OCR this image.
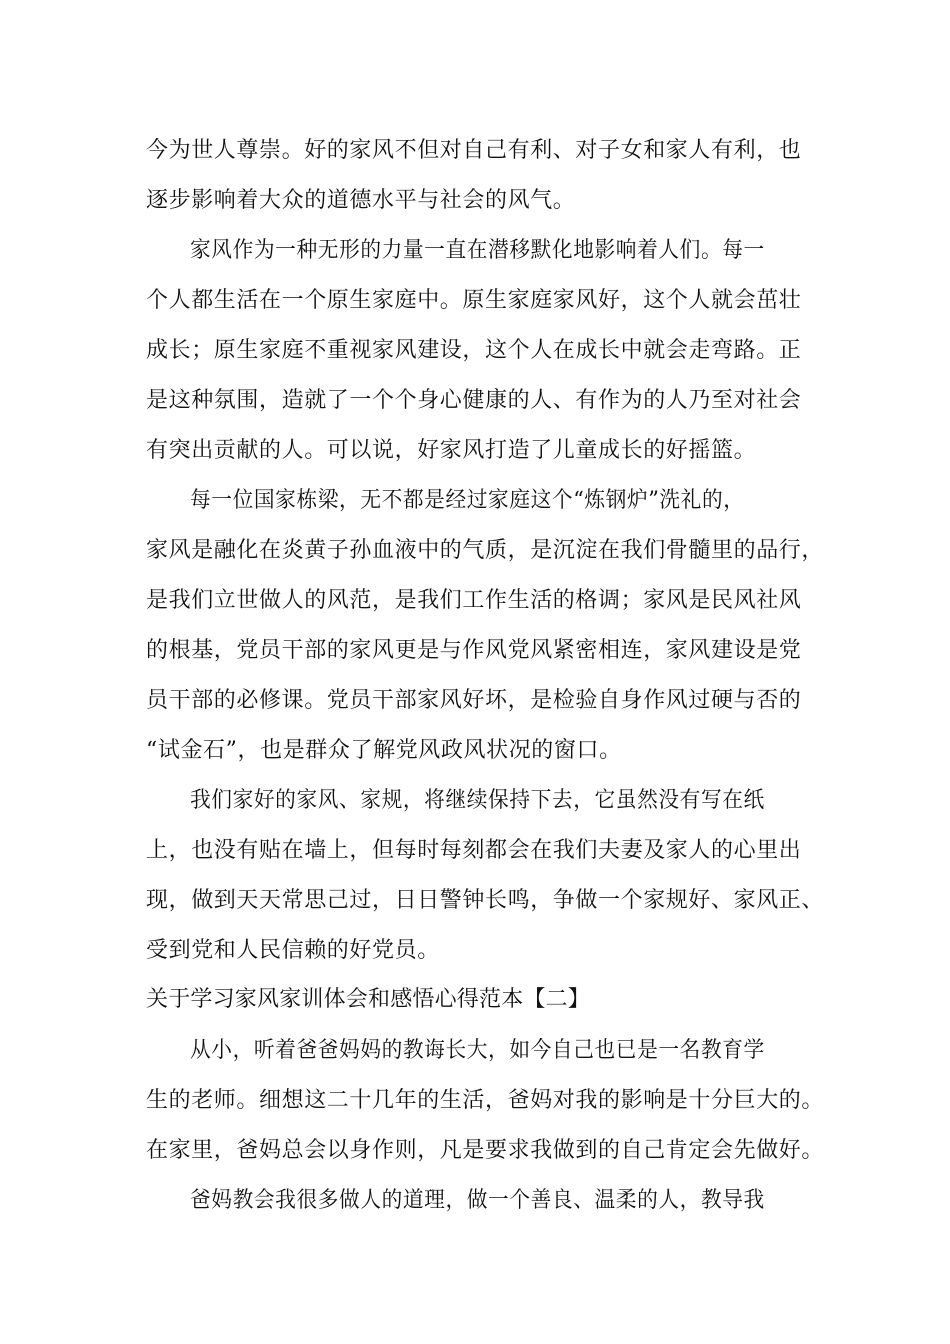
今为世人尊崇。好的家风不但对自己有利、对子女和家人有利，也
逐步影响着大众的道德水平与社会的风气。
家风作为一种无形的力量一直在潜移默化地影响着人们。每一
个人都生活在一个原生家庭中。原生家庭家风好，这个人就会茁壮
成长；原生家庭不重视家风建设，这个人在成长中就会走弯路。正
是这种氛围，造就了一个个身心健康的人、有作为的人乃至对社会
有突出贡献的人。可以说，好家风打造了儿童成长的好摇篮。
每一位国家栋梁，无不都是经过家庭这个“炼钢炉”洗礼的，
家风是融化在炎黄子孙血液中的气质，是沉淀在我们骨髓里的品行，
是我们立世做人的风范，是我们工作生活的格调；家风是民风社风
的根基，党员干部的家风更是与作风党风紧密相连，家风建设是党
员干部的必修课。党员干部家风好坏，是检验自身作风过硬与否的
“试金石”，也是群众了解党风政风状况的窗口。
我们家好的家风、家规，将继续保持下去，它虽然没有写在纸
上，也没有贴在墙上，但每时每刻都会在我们夫妻及家人的心里出
现，做到天天常思己过，日日警钟长鸣，争做一个家规好、家风正、
受到党和人民信赖的好党员。
关于学习家风家训体会和感悟心得范本【二】
从小，听着爸爸妈妈的教诲长大，如今自己也已是一名教育学
生的老师。细想这二十几年的生活，爸妈对我的影响是十分巨大的。
在家里，爸妈总会以身作则，凡是要求我做到的自己肯定会先做好。
爸妈教会我很多做人的道理，做一个善良、温柔的人，教导我
